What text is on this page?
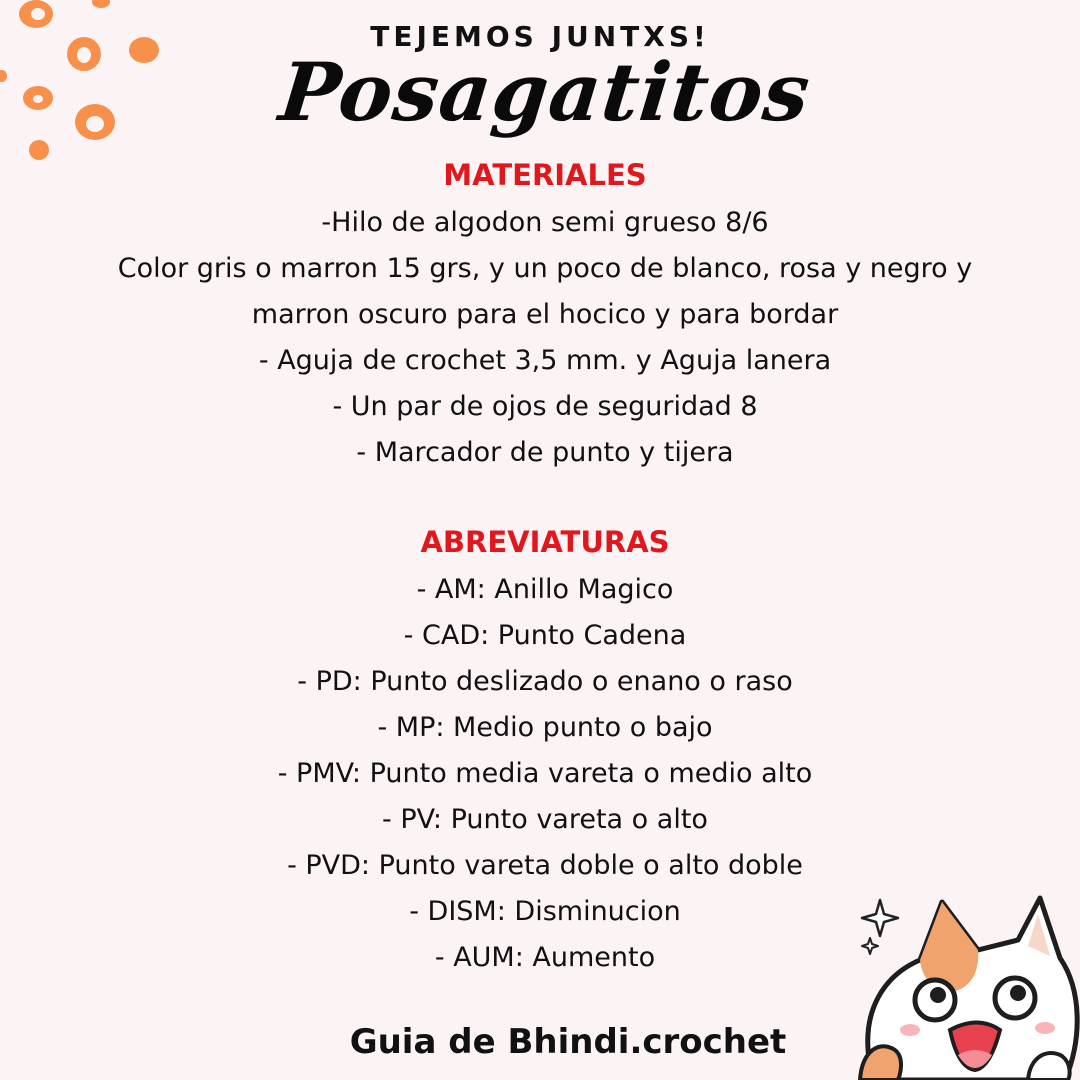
TEJEMOS JUNTXS!
Posagatitos
MATERIALES
-Hilo de algodon semi grueso 8/6
Color gris o marron 15 grs, y un poco de blanco, rosa y negro y
marron oscuro para el hocico y para bordar
- Aguja de crochet 3,5 mm. y Aguja lanera
- Un par de ojos de seguridad 8
- Marcador de punto y tijera
ABREVIATURAS
- AM: Anillo Magico
- CAD: Punto Cadena
- PD: Punto deslizado o enano o raso
- MP: Medio punto o bajo
- PMV: Punto media vareta o medio alto
- PV: Punto vareta o alto
- PVD: Punto vareta doble o alto doble
- DISM: Disminucion
- AUM: Aumento
Guia de Bhindi.crochet
